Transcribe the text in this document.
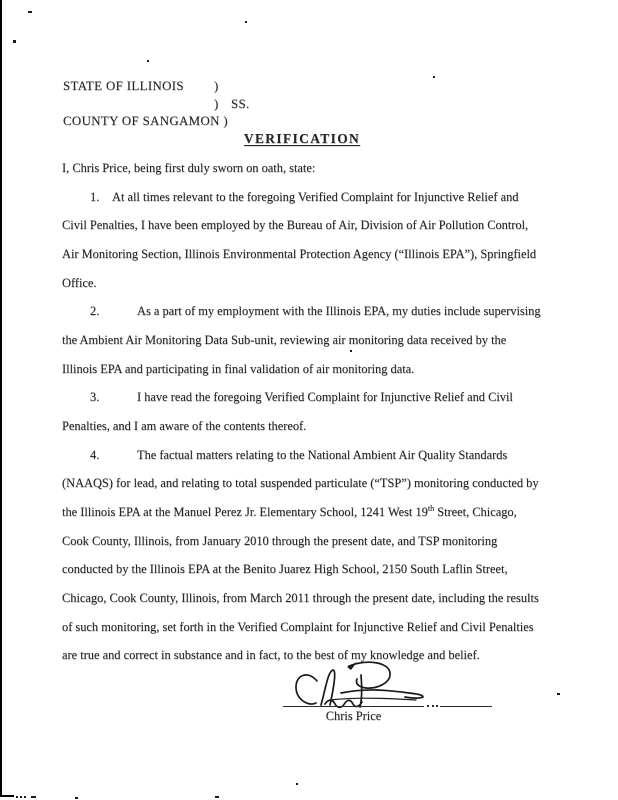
STATE OF ILLINOIS )
) SS.
COUNTY OF SANGAMON )
VERIFICATION
I, Chris Price, being first duly sworn on oath, state:
1. At all times relevant to the foregoing Verified Complaint for Injunctive Relief and
Civil Penalties, I have been employed by the Bureau of Air, Division of Air Pollution Control,
Air Monitoring Section, Illinois Environmental Protection Agency (“Illinois EPA”), Springfield
Office.
2.	As a part of my employment with the Illinois EPA, my duties include supervising
the Ambient Air Monitoring Data Sub-unit, reviewing air monitoring data received by the
Illinois EPA and participating in final validation of air monitoring data.
3.	I have read the foregoing Verified Complaint for Injunctive Relief and Civil
Penalties, and I am aware of the contents thereof.
4.	The factual matters relating to the National Ambient Air Quality Standards
(NAAQS) for lead, and relating to total suspended particulate (“TSP”) monitoring conducted by
the Illinois EPA at the Manuel Perez Jr. Elementary School, 1241 West 19th Street, Chicago,
Cook County, Illinois, from January 2010 through the present date, and TSP monitoring
conducted by the Illinois EPA at the Benito Juarez High School, 2150 South Laflin Street,
Chicago, Cook County, Illinois, from March 2011 through the present date, including the results
of such monitoring, set forth in the Verified Complaint for Injunctive Relief and Civil Penalties
are true and correct in substance and in fact, to the best of my knowledge and belief.
Chris Price
